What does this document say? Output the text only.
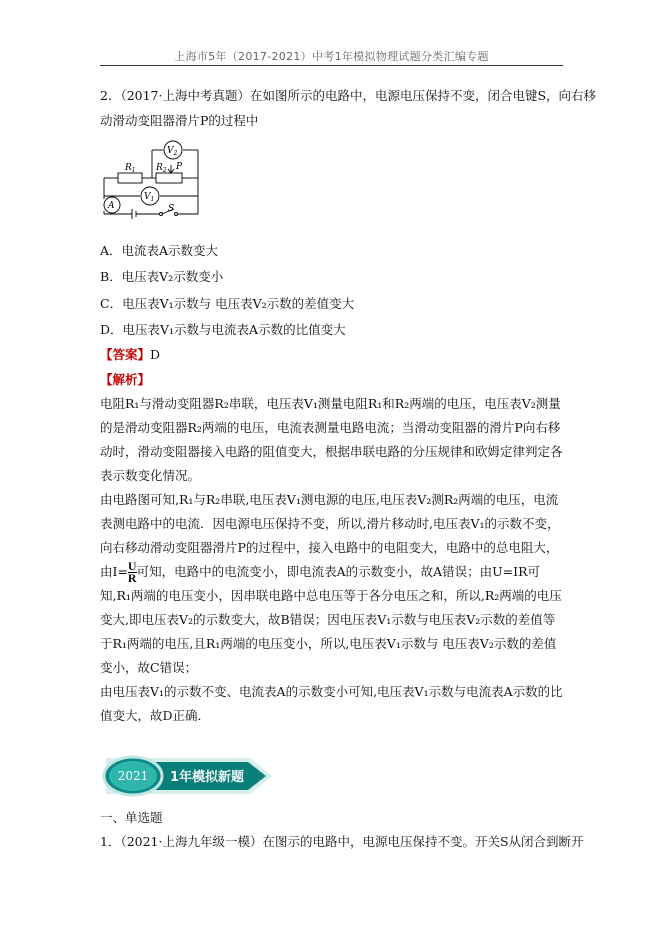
上海市5年（2017-2021）中考1年模拟物理试题分类汇编专题
2．（2017·上海中考真题）在如图所示的电路中，电源电压保持不变，闭合电键S，向右移
动滑动变阻器滑片P的过程中
$V_2$
$V_1$
A
$R_1$ $R_2$ P
S
A．电流表A示数变大
B．电压表V₂示数变小
C．电压表V₁示数与 电压表V₂示数的差值变大
D．电压表V₁示数与电流表A示数的比值变大
【答案】D
【解析】

电阻R₁与滑动变阻器R₂串联，电压表V₁测量电阻R₁和R₂两端的电压，电压表V₂测量的是滑动变阻器R₂两端的电压，电流表测量电路电流；当滑动变阻器的滑片P向右移动时，滑动变阻器接入电路的阻值变大，根据串联电路的分压规律和欧姆定律判定各表示数变化情况。

由电路图可知,R₁与R₂串联,电压表V₁测电源的电压,电压表V₂测R₂两端的电压，电流表测电路中的电流．因电源电压保持不变，所以,滑片移动时,电压表V₁的示数不变，向右移动滑动变阻器滑片P的过程中，接入电路中的电阻变大，电路中的总电阻大，由$I= \frac{U}{R}$ 可知，电路中的电流变小，即电流表A的示数变小，故A错误；由U=IR可知,R₁两端的电压变小，因串联电路中总电压等于各分电压之和，所以,R₂两端的电压变大,即电压表V₂的示数变大，故B错误；因电压表V₁示数与电压表V₂示数的差值等于R₁两端的电压,且R₁两端的电压变小，所以,电压表V₁示数与 电压表V₂示数的差值变小，故C错误；

由电压表V₁的示数不变、电流表A的示数变小可知,电压表V₁示数与电流表A示数的比值变大，故D正确．

2021 1年模拟新题
一、单选题
1．（2021·上海九年级一模）在图示的电路中，电源电压保持不变。开关S从闭合到断开
